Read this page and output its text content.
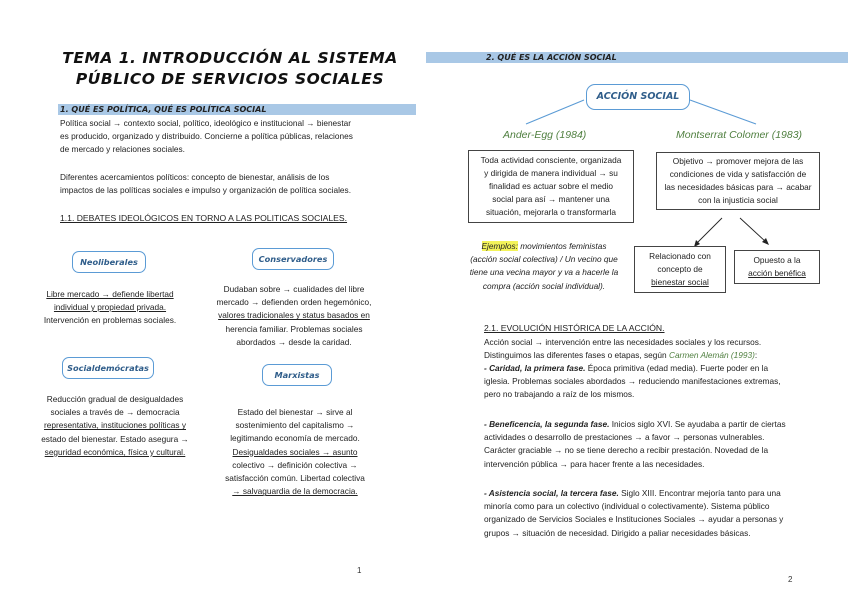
TEMA 1. INTRODUCCIÓN AL SISTEMA
PÚBLICO DE SERVICIOS SOCIALES
1. QUÉ ES POLÍTICA, QUÉ ES POLÍTICA SOCIAL
Política social → contexto social, político, ideológico e institucional → bienestar
es producido, organizado y distribuido. Concierne a política públicas, relaciones
de mercado y relaciones sociales.
Diferentes acercamientos políticos: concepto de bienestar, análisis de los
impactos de las políticas sociales e impulso y organización de política sociales.
1.1. DEBATES IDEOLÓGICOS EN TORNO A LAS POLITICAS SOCIALES.
Neoliberales
Libre mercado → defiende libertad
individual y propiedad privada.
Intervención en problemas sociales.
Conservadores
Dudaban sobre → cualidades del libre
mercado → defienden orden hegemónico,
valores tradicionales y status basados en
herencia familiar. Problemas sociales
abordados → desde la caridad.
Socialdemócratas
Reducción gradual de desigualdades
sociales a través de → democracia
representativa, instituciones políticas y
estado del bienestar. Estado asegura →
seguridad económica, física y cultural.
Marxistas
Estado del bienestar → sirve al
sostenimiento del capitalismo →
legitimando economía de mercado.
Desigualdades sociales → asunto
colectivo → definición colectiva →
satisfacción común. Libertad colectiva
→ salvaguardia de la democracia.
1
2. QUÉ ES LA ACCIÓN SOCIAL
ACCIÓN SOCIAL
Ander-Egg (1984)	Montserrat Colomer (1983)
Toda actividad consciente, organizada
y dirigida de manera individual → su
finalidad es actuar sobre el medio
social para así → mantener una
situación, mejorarla o transformarla
Objetivo → promover mejora de las
condiciones de vida y satisfacción de
las necesidades básicas para → acabar
con la injusticia social
Ejemplos: movimientos feministas
(acción social colectiva) / Un vecino que
tiene una vecina mayor y va a hacerle la
compra (acción social individual).
Relacionado con
concepto de
bienestar social
Opuesto a la
acción benéfica
2.1. EVOLUCIÓN HISTÓRICA DE LA ACCIÓN.
Acción social → intervención entre las necesidades sociales y los recursos.
Distinguimos las diferentes fases o etapas, según Carmen Alemán (1993):
- Caridad, la primera fase. Época primitiva (edad media). Fuerte poder en la
iglesia. Problemas sociales abordados → reduciendo manifestaciones extremas,
pero no trabajando a raíz de los mismos.
- Beneficencia, la segunda fase. Inicios siglo XVI. Se ayudaba a partir de ciertas
actividades o desarrollo de prestaciones → a favor → personas vulnerables.
Carácter graciable → no se tiene derecho a recibir prestación. Novedad de la
intervención pública → para hacer frente a las necesidades.
- Asistencia social, la tercera fase. Siglo XIII. Encontrar mejoría tanto para una
minoría como para un colectivo (individual o colectivamente). Sistema público
organizado de Servicios Sociales e Instituciones Sociales → ayudar a personas y
grupos → situación de necesidad. Dirigido a paliar necesidades básicas.
2
